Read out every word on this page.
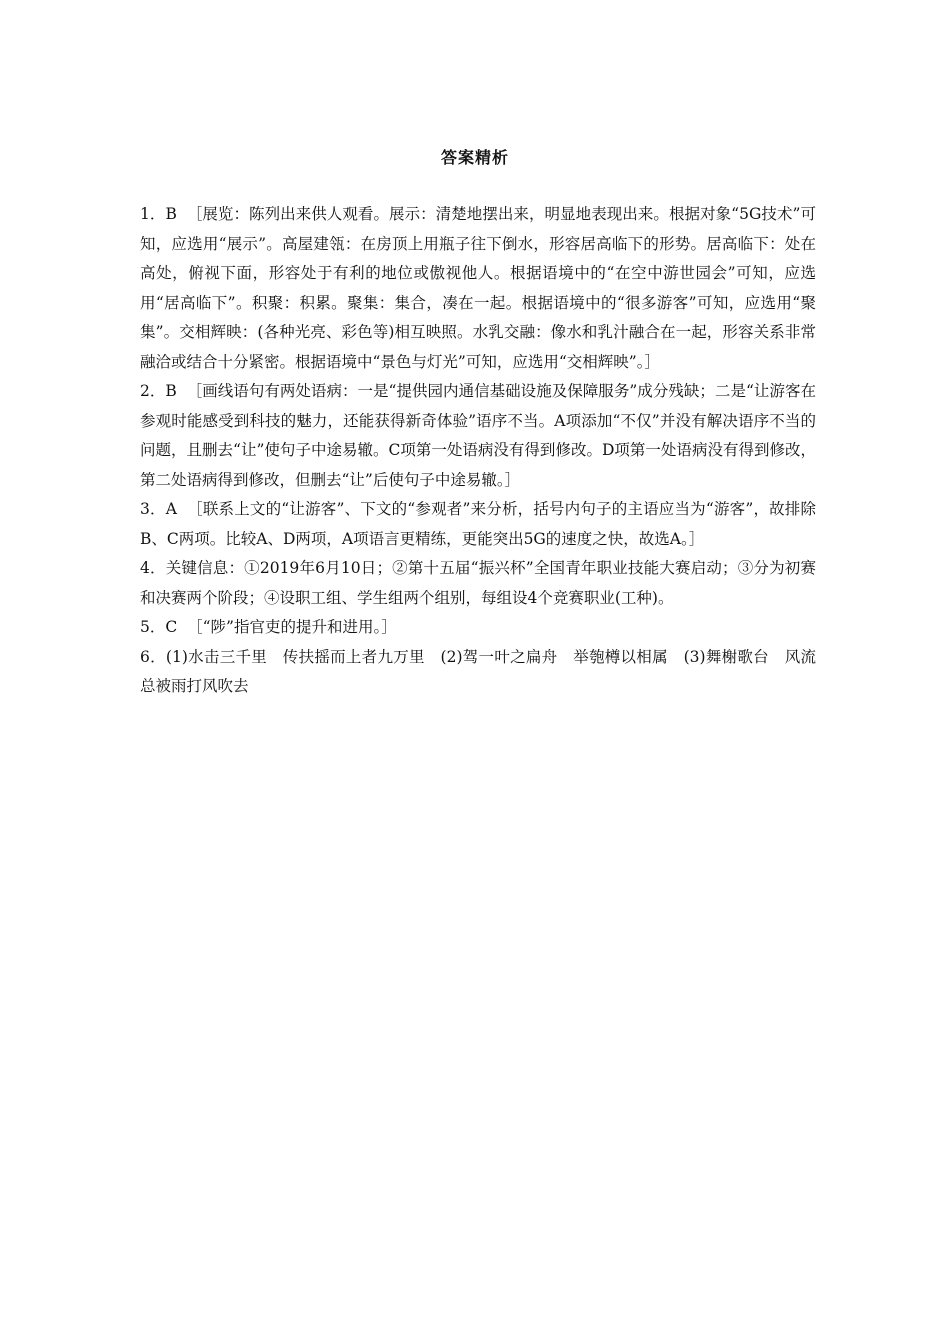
答案精析

1．B ［展览：陈列出来供人观看。展示：清楚地摆出来，明显地表现出来。根据对象“5G技术”可知，应选用“展示”。高屋建瓴：在房顶上用瓶子往下倒水，形容居高临下的形势。居高临下：处在高处，俯视下面，形容处于有利的地位或傲视他人。根据语境中的“在空中游世园会”可知，应选用“居高临下”。积聚：积累。聚集：集合，凑在一起。根据语境中的“很多游客”可知，应选用“聚集”。交相辉映：(各种光亮、彩色等)相互映照。水乳交融：像水和乳汁融合在一起，形容关系非常融洽或结合十分紧密。根据语境中“景色与灯光”可知，应选用“交相辉映”。］

2．B ［画线语句有两处语病：一是“提供园内通信基础设施及保障服务”成分残缺；二是“让游客在参观时能感受到科技的魅力，还能获得新奇体验”语序不当。A项添加“不仅”并没有解决语序不当的问题，且删去“让”使句子中途易辙。C项第一处语病没有得到修改。D项第一处语病没有得到修改，第二处语病得到修改，但删去“让”后使句子中途易辙。］

3．A ［联系上文的“让游客”、下文的“参观者”来分析，括号内句子的主语应当为“游客”，故排除B、C两项。比较A、D两项，A项语言更精练，更能突出5G的速度之快，故选A。］

4．关键信息：①2019年6月10日；②第十五届“振兴杯”全国青年职业技能大赛启动；③分为初赛和决赛两个阶段；④设职工组、学生组两个组别，每组设4个竞赛职业(工种)。

5．C ［“陟”指官吏的提升和进用。］

6．(1)水击三千里　传扶摇而上者九万里　(2)驾一叶之扁舟　举匏樽以相属　(3)舞榭歌台　风流总被雨打风吹去
